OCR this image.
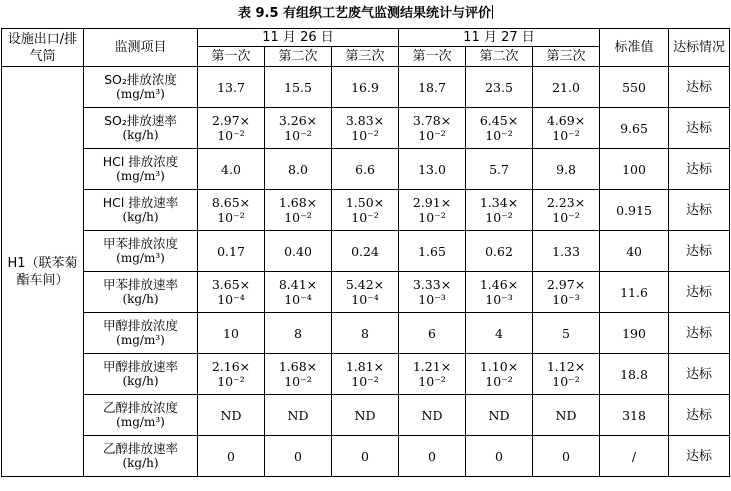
表 9.5 有组织工艺废气监测结果统计与评价
设施出口/排气筒	监测项目	11 月 26 日			11 月 27 日			标准值	达标情况
		第一次	第二次	第三次	第一次	第二次	第三次		
H1（联苯菊酯车间）	SO₂排放浓度
(mg/m³)	13.7	15.5	16.9	18.7	23.5	21.0	550	达标

	SO₂排放速率
(kg/h)	2.97×
10⁻²	3.26×
10⁻²	3.83×
10⁻²	3.78×
10⁻²	6.45×
10⁻²	4.69×
10⁻²	9.65	达标

	HCl 排放浓度
(mg/m³)	4.0	8.0	6.6	13.0	5.7	9.8	100	达标

	HCl 排放速率
(kg/h)	8.65×
10⁻²	1.68×
10⁻²	1.50×
10⁻²	2.91×
10⁻²	1.34×
10⁻²	2.23×
10⁻²	0.915	达标

	甲苯排放浓度
(mg/m³)	0.17	0.40	0.24	1.65	0.62	1.33	40	达标

	甲苯排放速率
(kg/h)	3.65×
10⁻⁴	8.41×
10⁻⁴	5.42×
10⁻⁴	3.33×
10⁻³	1.46×
10⁻³	2.97×
10⁻³	11.6	达标

	甲醇排放浓度
(mg/m³)	10	8	8	6	4	5	190	达标

	甲醇排放速率
(kg/h)	2.16×
10⁻²	1.68×
10⁻²	1.81×
10⁻²	1.21×
10⁻²	1.10×
10⁻²	1.12×
10⁻²	18.8	达标

	乙醇排放浓度
(mg/m³)	ND	ND	ND	ND	ND	ND	318	达标

	乙醇排放速率
(kg/h)	0	0	0	0	0	0	/	达标
